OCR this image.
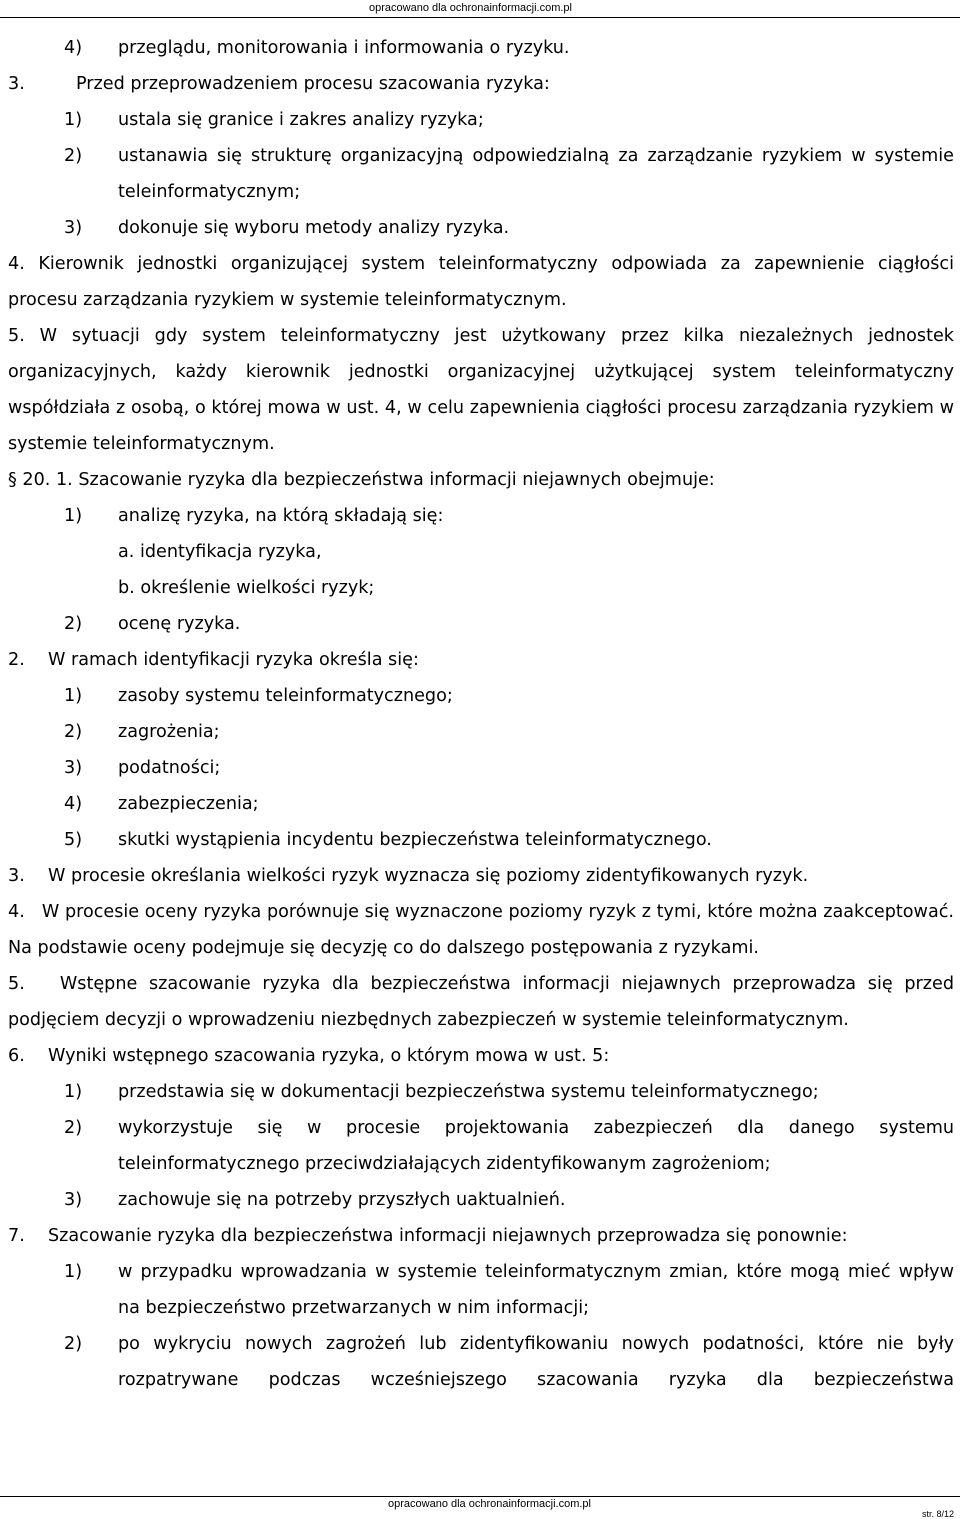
opracowano dla ochronainformacji.com.pl
4) przeglądu, monitorowania i informowania o ryzyku.
3.	Przed przeprowadzeniem procesu szacowania ryzyka:
1) ustala się granice i zakres analizy ryzyka;
2) ustanawia się strukturę organizacyjną odpowiedzialną za zarządzanie ryzykiem w systemie teleinformatycznym;
3) dokonuje się wyboru metody analizy ryzyka.

4. Kierownik jednostki organizującej system teleinformatyczny odpowiada za zapewnienie ciągłości procesu zarządzania ryzykiem w systemie teleinformatycznym.

5. W sytuacji gdy system teleinformatyczny jest użytkowany przez kilka niezależnych jednostek organizacyjnych, każdy kierownik jednostki organizacyjnej użytkującej system teleinformatyczny współdziała z osobą, o której mowa w ust. 4, w celu zapewnienia ciągłości procesu zarządzania ryzykiem w systemie teleinformatycznym.

§ 20. 1. Szacowanie ryzyka dla bezpieczeństwa informacji niejawnych obejmuje:

1) analizę ryzyka, na którą składają się:

a. identyfikacja ryzyka,

b. określenie wielkości ryzyk;

2) ocenę ryzyka.
2. W ramach identyfikacji ryzyka określa się:
1) zasoby systemu teleinformatycznego;
2) zagrożenia;
3) podatności;
4) zabezpieczenia;
5) skutki wystąpienia incydentu bezpieczeństwa teleinformatycznego.
3. W procesie określania wielkości ryzyk wyznacza się poziomy zidentyfikowanych ryzyk.

4.   W procesie oceny ryzyka porównuje się wyznaczone poziomy ryzyk z tymi, które można zaakceptować. Na podstawie oceny podejmuje się decyzję co do dalszego postępowania z ryzykami.

5.   Wstępne szacowanie ryzyka dla bezpieczeństwa informacji niejawnych przeprowadza się przed podjęciem decyzji o wprowadzeniu niezbędnych zabezpieczeń w systemie teleinformatycznym.

6. Wyniki wstępnego szacowania ryzyka, o którym mowa w ust. 5:
1) przedstawia się w dokumentacji bezpieczeństwa systemu teleinformatycznego;
2) wykorzystuje się w procesie projektowania zabezpieczeń dla danego systemu teleinformatycznego przeciwdziałających zidentyfikowanym zagrożeniom;
3) zachowuje się na potrzeby przyszłych uaktualnień.
7. Szacowanie ryzyka dla bezpieczeństwa informacji niejawnych przeprowadza się ponownie:
1) w przypadku wprowadzania w systemie teleinformatycznym zmian, które mogą mieć wpływ na bezpieczeństwo przetwarzanych w nim informacji;
2) po wykryciu nowych zagrożeń lub zidentyfikowaniu nowych podatności, które nie były rozpatrywane podczas wcześniejszego szacowania ryzyka dla bezpieczeństwa
opracowano dla ochronainformacji.com.pl
str. 8/12
